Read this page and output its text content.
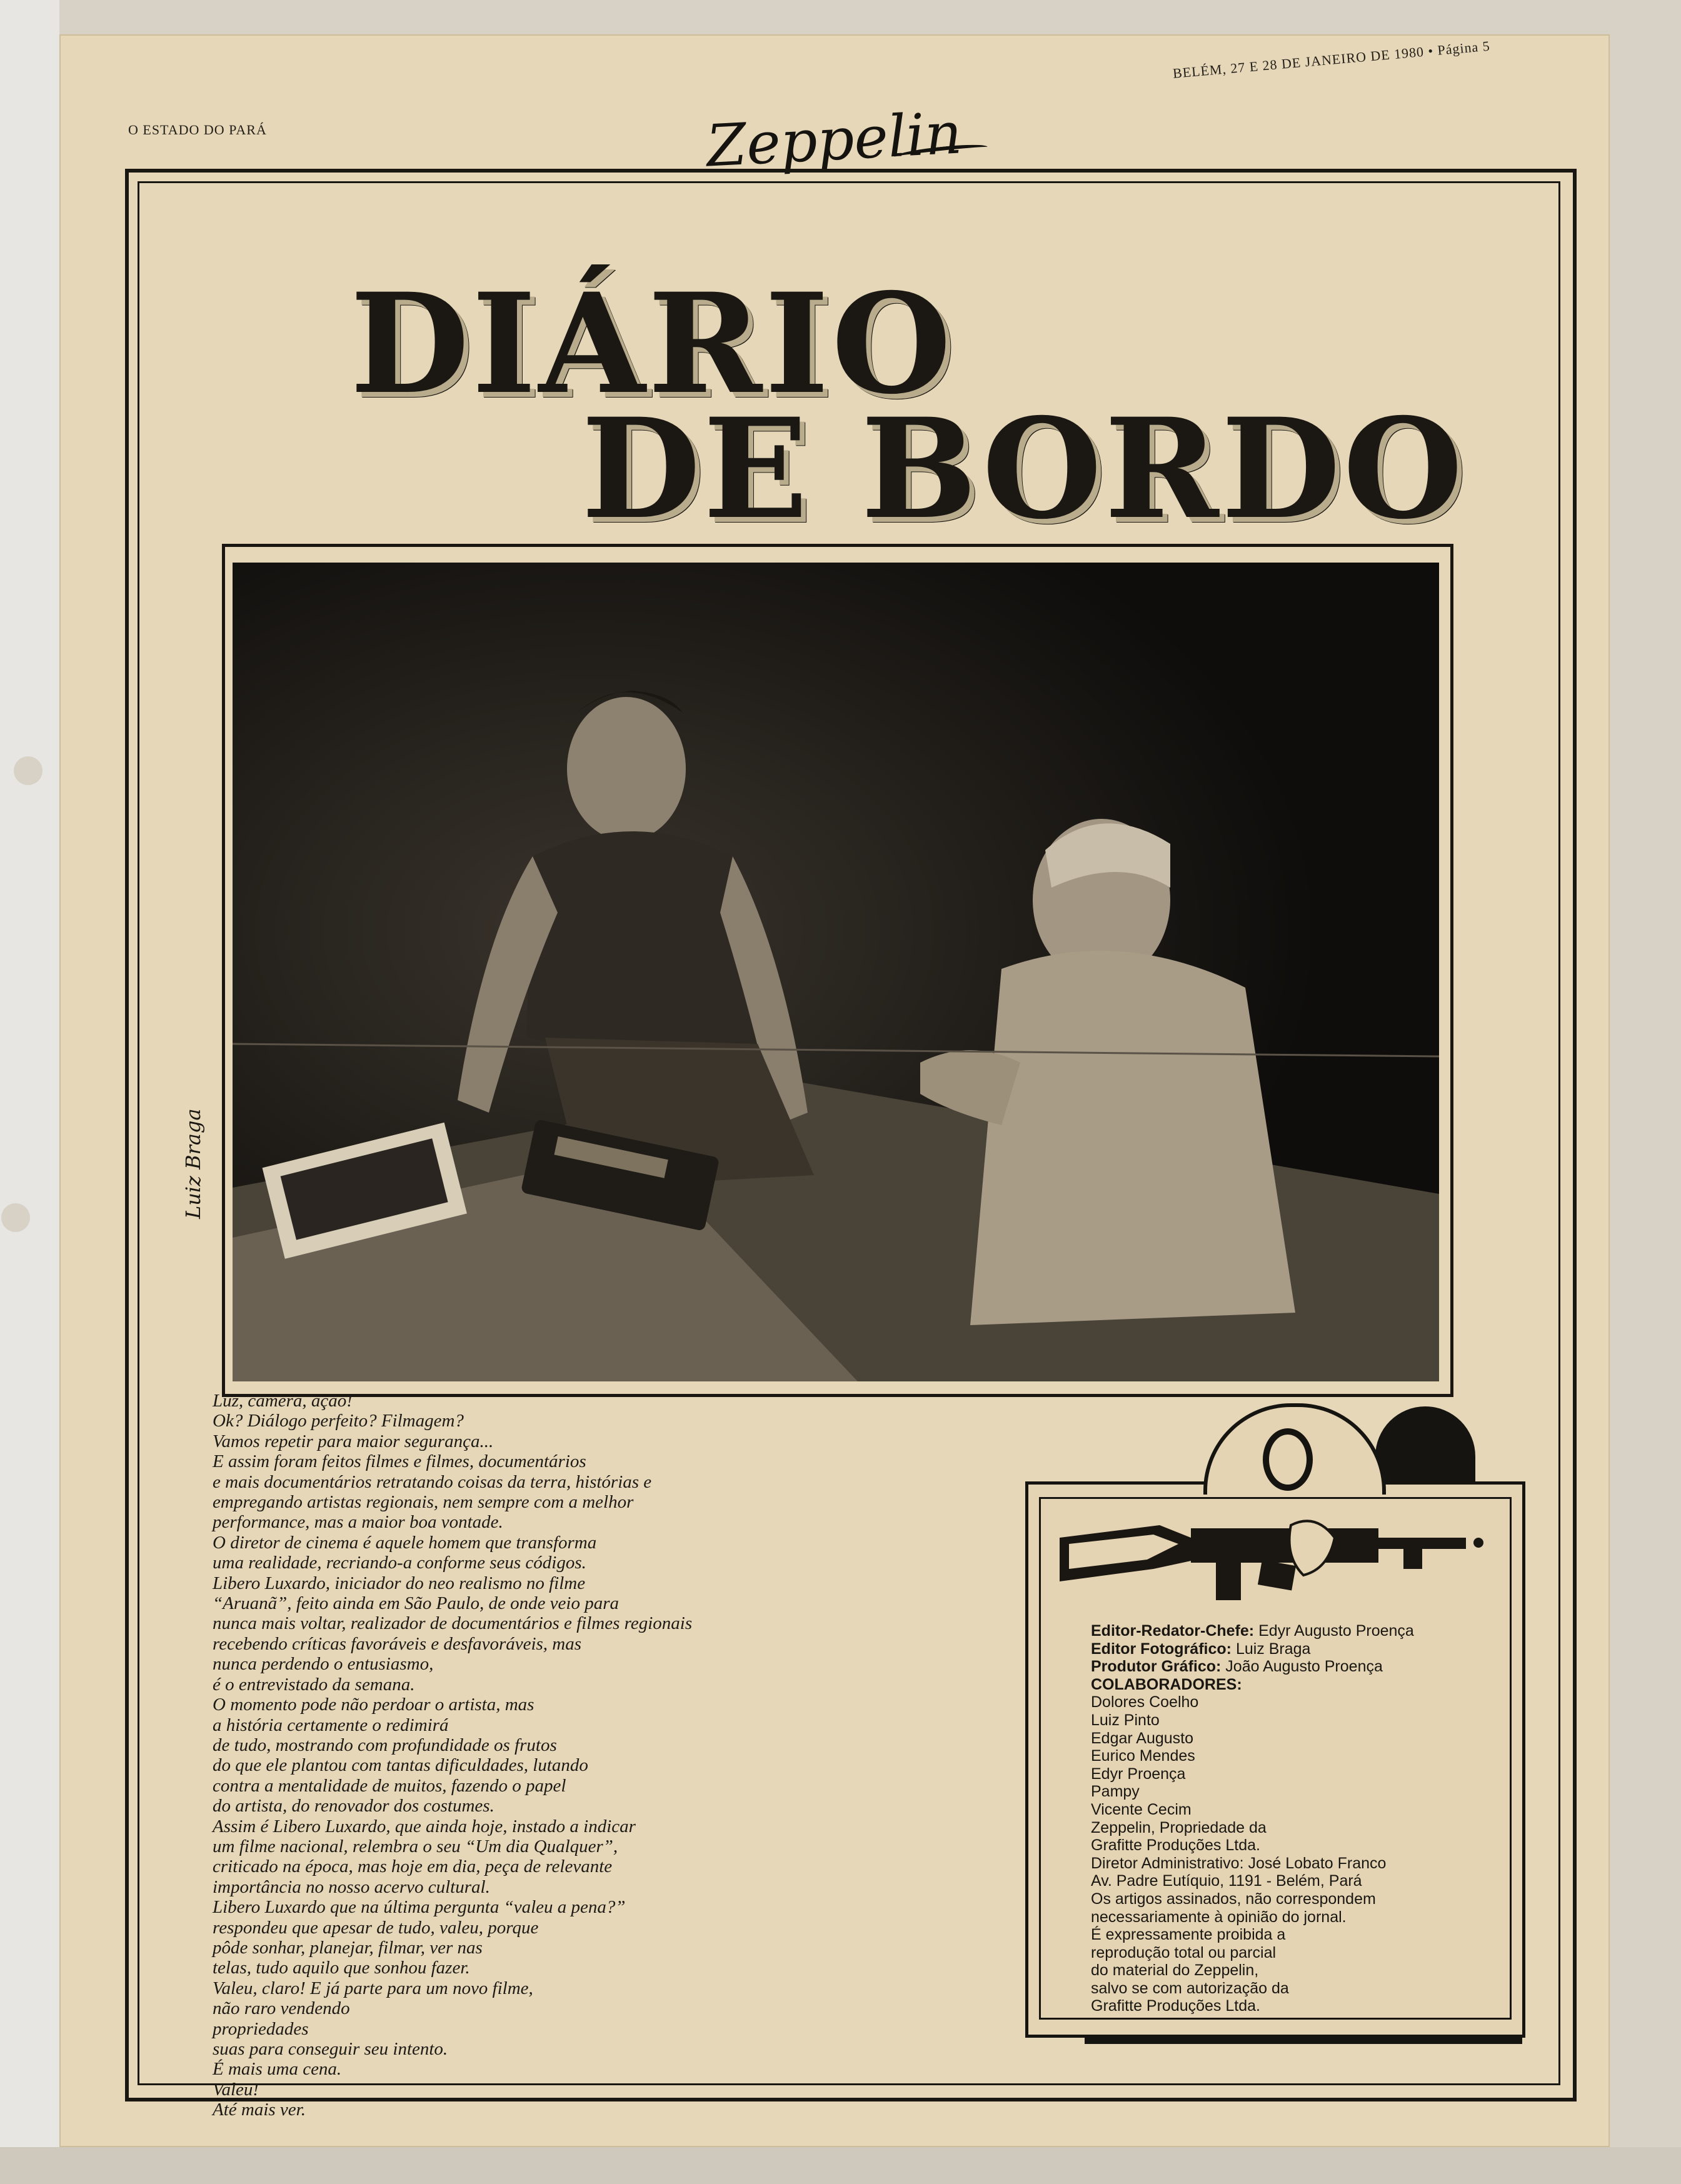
O ESTADO DO PARÁ	Zeppelin
BELÉM, 27 E 28 DE JANEIRO DE 1980 • Página 5
DIÁRIO
DE BORDO
Luiz Braga
Luz, câmera, ação!
Ok? Diálogo perfeito? Filmagem?
Vamos repetir para maior segurança...
E assim foram feitos filmes e filmes, documentários
e mais documentários retratando coisas da terra, histórias e
empregando artistas regionais, nem sempre com a melhor
performance, mas a maior boa vontade.
O diretor de cinema é aquele homem que transforma
uma realidade, recriando-a conforme seus códigos.
Libero Luxardo, iniciador do neo realismo no filme
“Aruanã”, feito ainda em São Paulo, de onde veio para
nunca mais voltar, realizador de documentários e filmes regionais
recebendo críticas favoráveis e desfavoráveis, mas
nunca perdendo o entusiasmo,
é o entrevistado da semana.
O momento pode não perdoar o artista, mas
a história certamente o redimirá
de tudo, mostrando com profundidade os frutos
do que ele plantou com tantas dificuldades, lutando
contra a mentalidade de muitos, fazendo o papel
do artista, do renovador dos costumes.
Assim é Libero Luxardo, que ainda hoje, instado a indicar
um filme nacional, relembra o seu “Um dia Qualquer”,
criticado na época, mas hoje em dia, peça de relevante
importância no nosso acervo cultural.
Libero Luxardo que na última pergunta “valeu a pena?”
respondeu que apesar de tudo, valeu, porque
pôde sonhar, planejar, filmar, ver nas
telas, tudo aquilo que sonhou fazer.
Valeu, claro! E já parte para um novo filme,
não raro vendendo
propriedades
suas para conseguir seu intento.
É mais uma cena.
Valeu!
Até mais ver.
Editor-Redator-Chefe: Edyr Augusto Proença
Editor Fotográfico: Luiz Braga
Produtor Gráfico: João Augusto Proença
COLABORADORES:
Dolores Coelho
Luiz Pinto
Edgar Augusto
Eurico Mendes
Edyr Proença
Pampy
Vicente Cecim
Zeppelin, Propriedade da
Grafitte Produções Ltda.
Diretor Administrativo: José Lobato Franco
Av. Padre Eutíquio, 1191 - Belém, Pará
Os artigos assinados, não correspondem
necessariamente à opinião do jornal.
É expressamente proibida a
reprodução total ou parcial
do material do Zeppelin,
salvo se com autorização da
Grafitte Produções Ltda.
